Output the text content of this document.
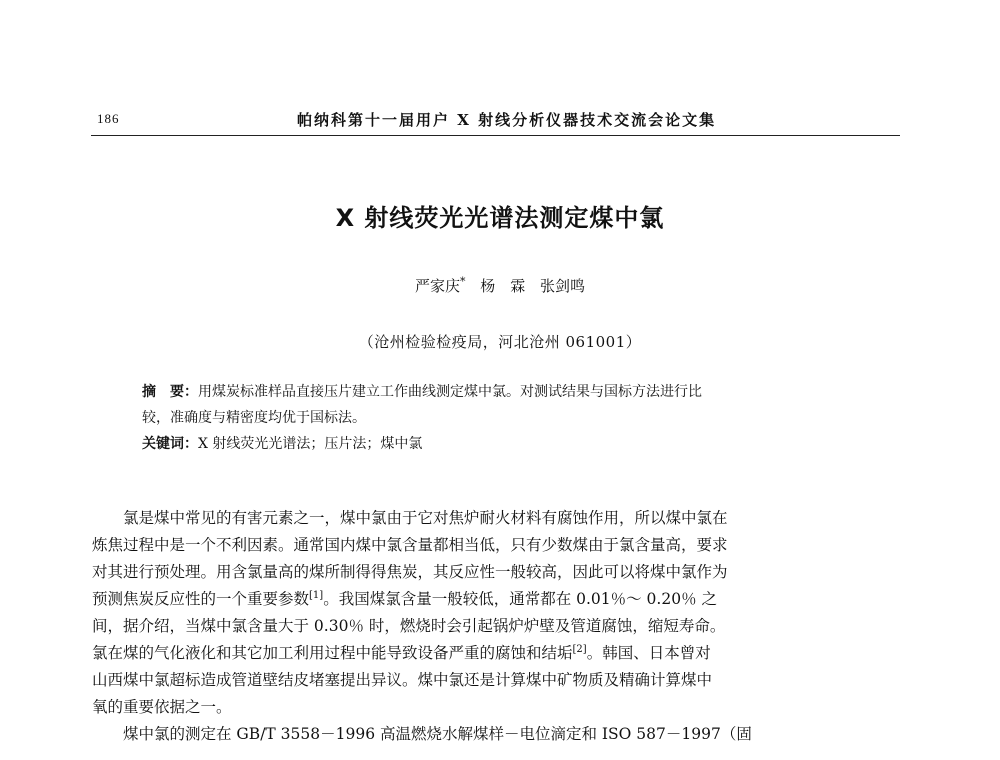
186	帕纳科第十一届用户 X 射线分析仪器技术交流会论文集
X 射线荧光光谱法测定煤中氯
严家庆* 杨　霖 张剑鸣
（沧州检验检疫局，河北沧州 061001）
摘　要：用煤炭标准样品直接压片建立工作曲线测定煤中氯。对测试结果与国标方法进行比
较，准确度与精密度均优于国标法。
关键词：X 射线荧光光谱法；压片法；煤中氯
氯是煤中常见的有害元素之一，煤中氯由于它对焦炉耐火材料有腐蚀作用，所以煤中氯在
炼焦过程中是一个不利因素。通常国内煤中氯含量都相当低，只有少数煤由于氯含量高，要求
对其进行预处理。用含氯量高的煤所制得得焦炭，其反应性一般较高，因此可以将煤中氯作为
预测焦炭反应性的一个重要参数[1]。我国煤氯含量一般较低，通常都在 0.01％～ 0.20％ 之
间，据介绍，当煤中氯含量大于 0.30％ 时，燃烧时会引起锅炉炉壁及管道腐蚀，缩短寿命。
氯在煤的气化液化和其它加工利用过程中能导致设备严重的腐蚀和结垢[2]。韩国、日本曾对
山西煤中氯超标造成管道壁结皮堵塞提出异议。煤中氯还是计算煤中矿物质及精确计算煤中
氧的重要依据之一。
煤中氯的测定在 GB/T 3558－1996 高温燃烧水解煤样－电位滴定和 ISO 587－1997（固
